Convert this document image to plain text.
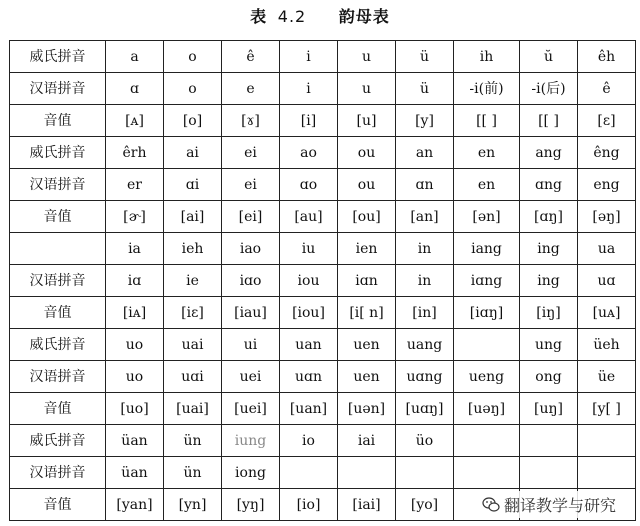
表 4.2 韵母表
威氏拼音	a	o	ê	i	u	ü	ih	ŭ	êh
汉语拼音	ɑ	o	e	i	u	ü	-i(前)	-i(后)	ê
音值	[ᴀ]	[o]	[ɤ]	[i]	[u]	[y]	[[ ]	[[ ]	[ɛ]
威氏拼音	êrh	ai	ei	ao	ou	an	en	ang	êng
汉语拼音	er	ɑi	ei	ɑo	ou	ɑn	en	ɑng	eng
音值	[ɚ]	[ai]	[ei]	[au]	[ou]	[an]	[ən]	[ɑŋ]	[əŋ]
	ia	ieh	iao	iu	ien	in	iang	ing	ua
汉语拼音	iɑ	ie	iɑo	iou	iɑn	in	iɑng	ing	uɑ
音值	[iᴀ]	[iɛ]	[iau]	[iou]	[i[ n]	[in]	[iɑŋ]	[iŋ]	[uᴀ]
威氏拼音	uo	uai	ui	uan	uen	uang		ung	üeh
汉语拼音	uo	uɑi	uei	uɑn	uen	uɑng	ueng	ong	üe
音值	[uo]	[uai]	[uei]	[uan]	[uən]	[uɑŋ]	[uəŋ]	[uŋ]	[y[ ]
威氏拼音	üan	ün	iung	io	iai	üo			
汉语拼音	üan	ün	iong						
音值	[yan]	[yn]	[yŋ]	[io]	[iai]	[yo]				翻译教学与研究
